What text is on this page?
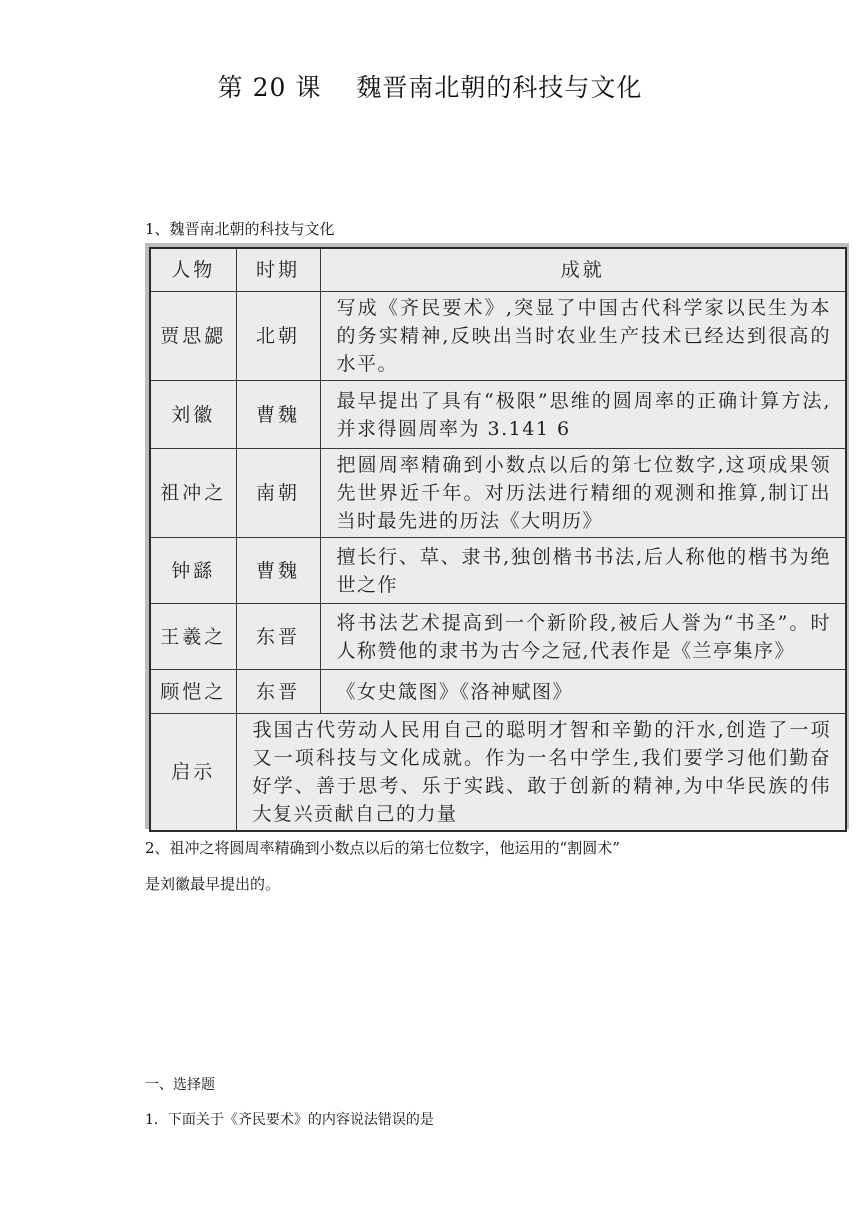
第 20 课　 魏晋南北朝的科技与文化
1、魏晋南北朝的科技与文化
人物	时期	成就
贾思勰	北朝	写成《齐民要术》,突显了中国古代科学家以民生为本的务实精神,反映出当时农业生产技术已经达到很高的水平。
刘徽	曹魏	最早提出了具有“极限”思维的圆周率的正确计算方法,并求得圆周率为 3.141 6
祖冲之	南朝	把圆周率精确到小数点以后的第七位数字,这项成果领先世界近千年。对历法进行精细的观测和推算,制订出当时最先进的历法《大明历》
钟繇	曹魏	擅长行、草、隶书,独创楷书书法,后人称他的楷书为绝世之作
王羲之	东晋	将书法艺术提高到一个新阶段,被后人誉为“书圣”。时人称赞他的隶书为古今之冠,代表作是《兰亭集序》
顾恺之	东晋	《女史箴图》《洛神赋图》
启示	我国古代劳动人民用自己的聪明才智和辛勤的汗水,创造了一项又一项科技与文化成就。作为一名中学生,我们要学习他们勤奋好学、善于思考、乐于实践、敢于创新的精神,为中华民族的伟大复兴贡献自己的力量	
2、祖冲之将圆周率精确到小数点以后的第七位数字，他运用的“割圆术”
是刘徽最早提出的。
一、选择题
1．下面关于《齐民要术》的内容说法错误的是
